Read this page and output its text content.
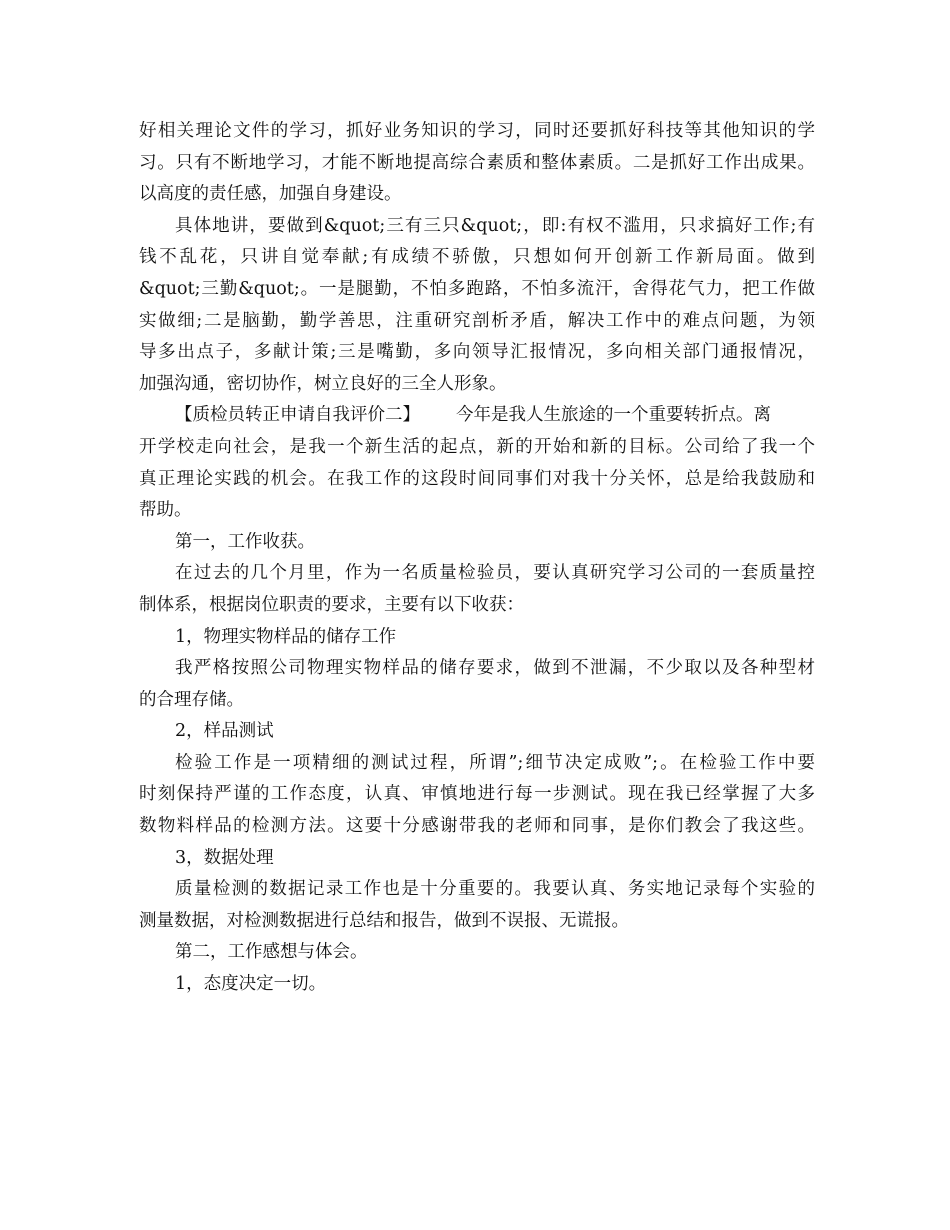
好相关理论文件的学习，抓好业务知识的学习，同时还要抓好科技等其他知识的学
习。只有不断地学习，才能不断地提高综合素质和整体素质。二是抓好工作出成果。
以高度的责任感，加强自身建设。
具体地讲，要做到&quot;三有三只&quot;，即:有权不滥用，只求搞好工作;有
钱不乱花，只讲自觉奉献;有成绩不骄傲，只想如何开创新工作新局面。做到
&quot;三勤&quot;。一是腿勤，不怕多跑路，不怕多流汗，舍得花气力，把工作做
实做细;二是脑勤，勤学善思，注重研究剖析矛盾，解决工作中的难点问题，为领
导多出点子，多献计策;三是嘴勤，多向领导汇报情况，多向相关部门通报情况，
加强沟通，密切协作，树立良好的三全人形象。
【质检员转正申请自我评价二】 今年是我人生旅途的一个重要转折点。离
开学校走向社会，是我一个新生活的起点，新的开始和新的目标。公司给了我一个
真正理论实践的机会。在我工作的这段时间同事们对我十分关怀，总是给我鼓励和
帮助。
第一，工作收获。
在过去的几个月里，作为一名质量检验员，要认真研究学习公司的一套质量控
制体系，根据岗位职责的要求，主要有以下收获：
1，物理实物样品的储存工作
我严格按照公司物理实物样品的储存要求，做到不泄漏，不少取以及各种型材
的合理存储。
2，样品测试
检验工作是一项精细的测试过程，所谓”;细节决定成败”;。在检验工作中要
时刻保持严谨的工作态度，认真、审慎地进行每一步测试。现在我已经掌握了大多
数物料样品的检测方法。这要十分感谢带我的老师和同事，是你们教会了我这些。
3，数据处理
质量检测的数据记录工作也是十分重要的。我要认真、务实地记录每个实验的
测量数据，对检测数据进行总结和报告，做到不误报、无谎报。
第二，工作感想与体会。
1，态度决定一切。
